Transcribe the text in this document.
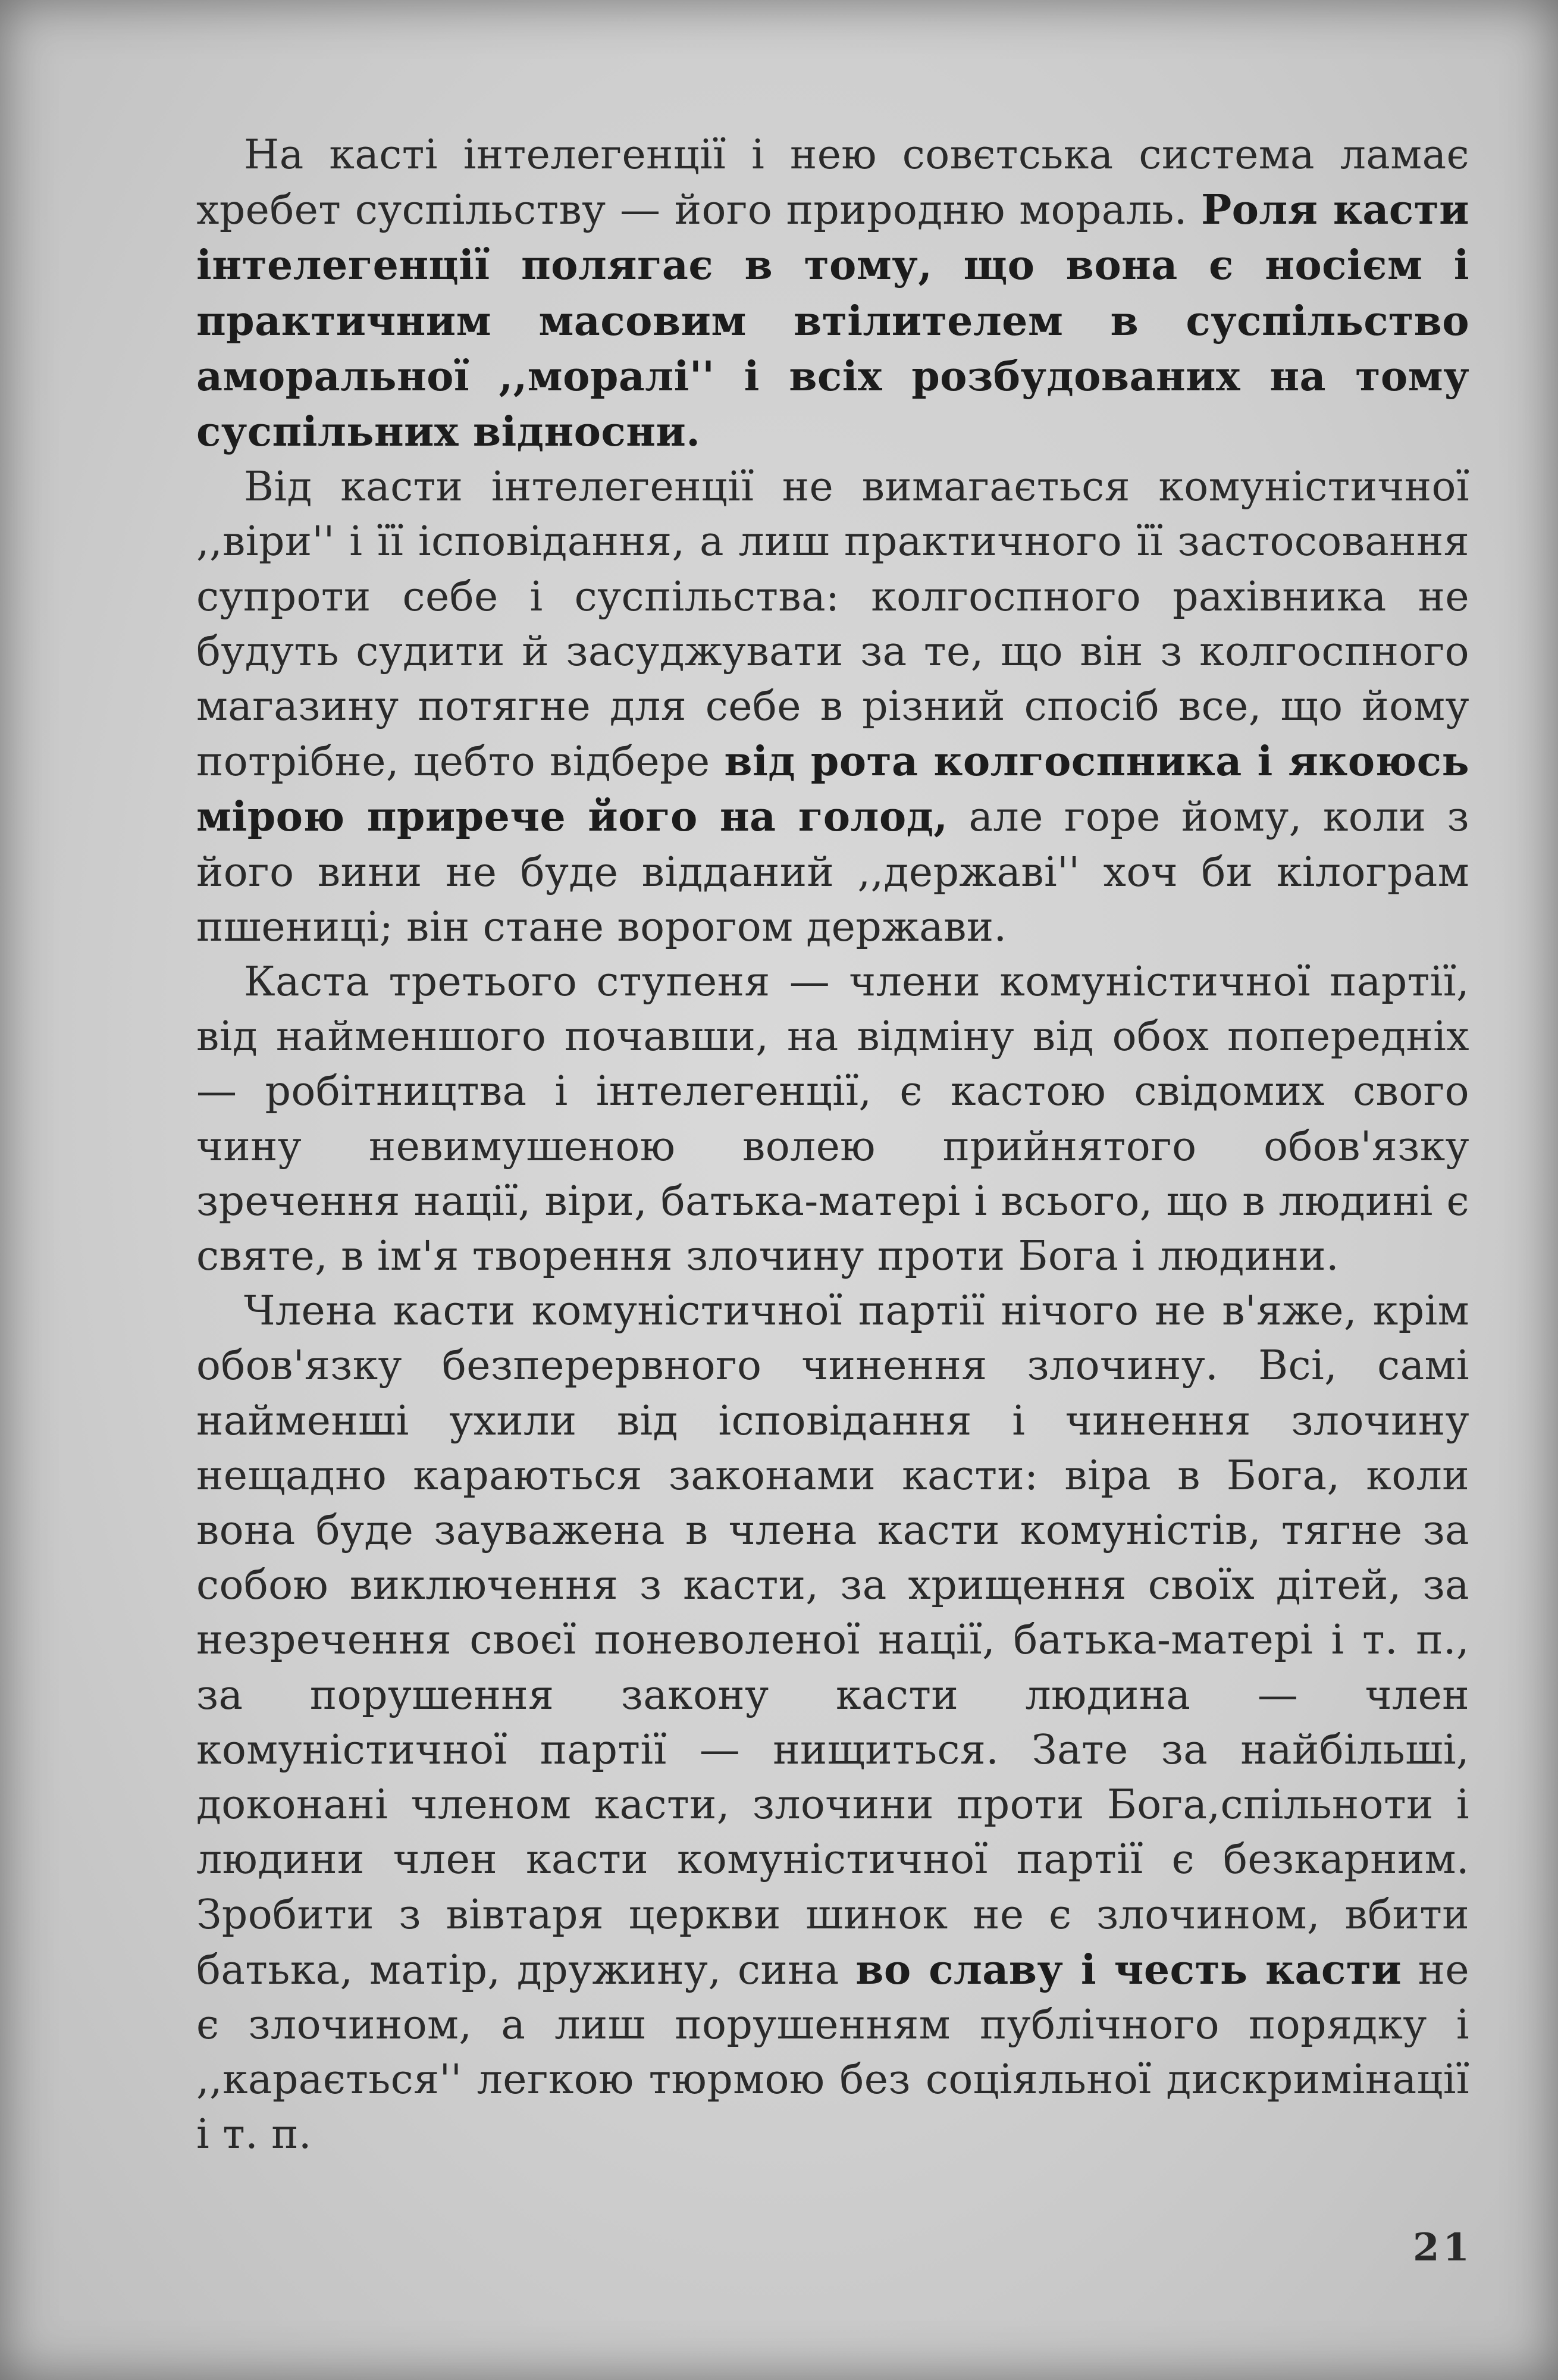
На касті інтелегенції і нею совєтська система ламає хребет суспільству — його природню мораль. Роля касти інтелегенції полягає в тому, що вона є носієм і практичним масовим втілителем в суспільство аморальної ,,моралі'' і всіх розбудованих на тому суспільних відносни.

Від касти інтелегенції не вимагається комуністичної ,,віри'' і її ісповідання, а лиш практичного її застосовання супроти себе і суспільства: колгоспного рахівника не будуть судити й засуджувати за те, що він з колгоспного магазину потягне для себе в різний спосіб все, що йому потрібне, цебто відбере від рота колгоспника і якоюсь мірою приречe його на голод, але горе йому, коли з його вини не буде відданий ,,державі'' хоч би кілограм пшениці; він стане ворогом держави.

Каста третього ступеня — члени комуністичної партії, від найменшого почавши, на відміну від обох попередніх — робітництва і інтелегенції, є кастою свідомих свого чину невимушеною волею прийнятого обов'язку зречення нації, віри, батька-матері і всього, що в людині є святе, в ім'я творення злочину проти Бога і людини.

Члена касти комуністичної партії нічого не в'яже, крім обов'язку безперервного чинення злочину. Всі, самі найменші ухили від ісповідання і чинення злочину нещадно караються законами касти: віра в Бога, коли вона буде зауважена в члена касти комуністів, тягне за собою виключення з касти, за хрищення своїх дітей, за незречення своєї поневоленої нації, батька-матері і т. п., за порушення закону касти людина — член комуністичної партії — нищиться. Зате за найбільші, доконані членом касти, злочини проти Бога,спільноти і людини член касти комуністичної партії є безкарним. Зробити з вівтаря церкви шинок не є злочином, вбити батька, матір, дружину, сина во славу і честь касти не є злочином, а лиш порушенням публічного порядку і ,,карається'' легкою тюрмою без соціяльної дискримінації і т. п.

21
